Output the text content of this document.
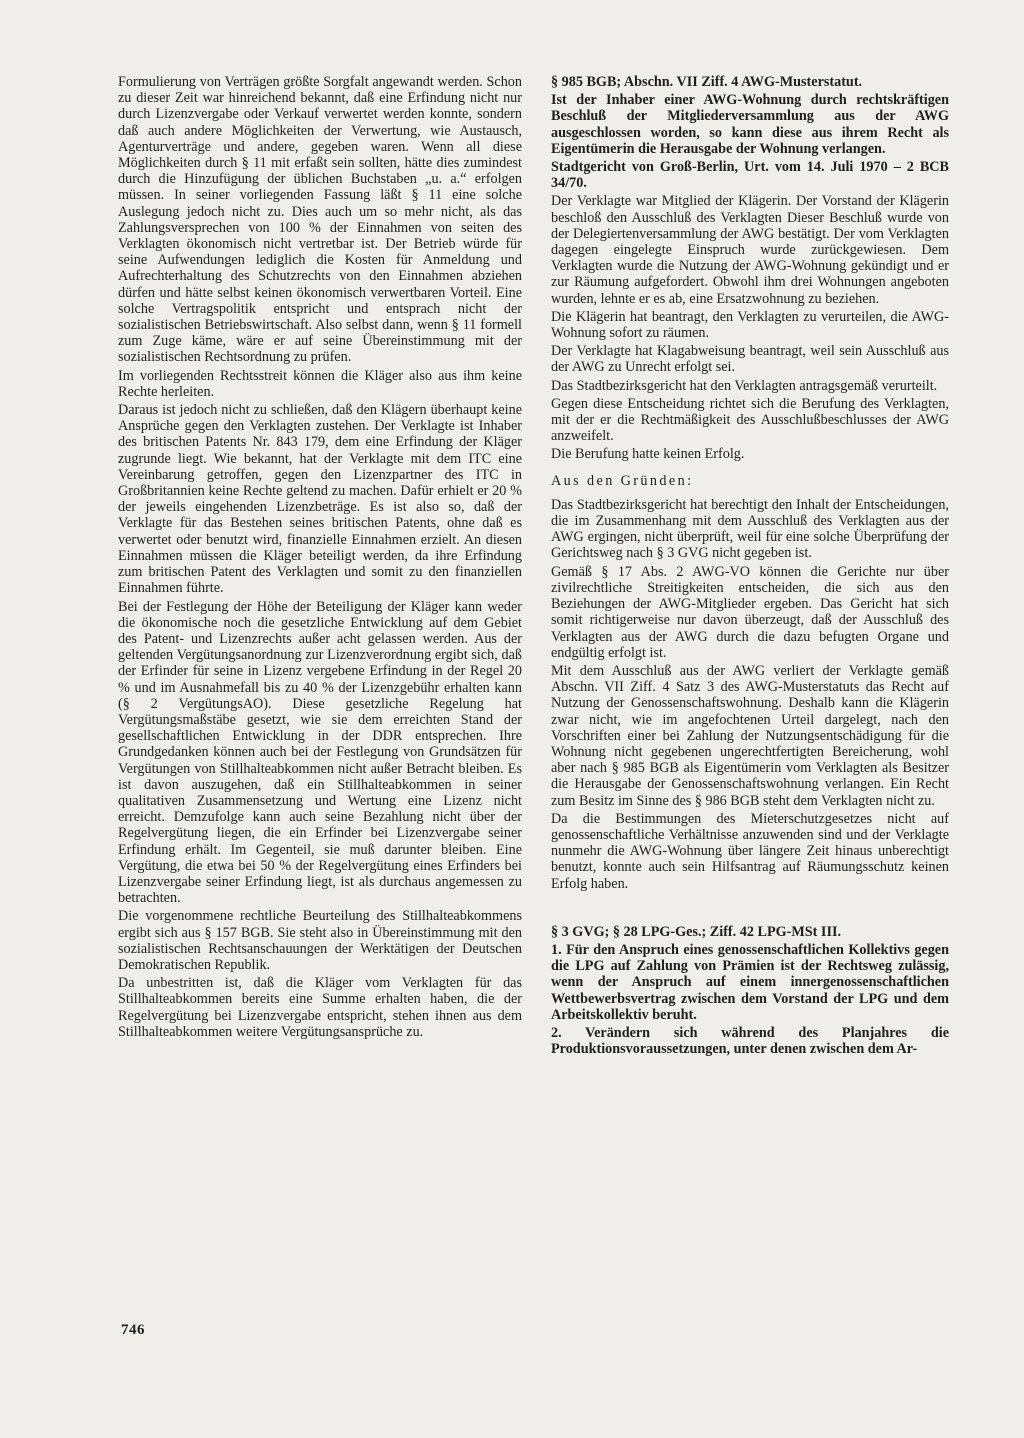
Formulierung von Verträgen größte Sorgfalt angewandt werden. Schon zu dieser Zeit war hinreichend bekannt, daß eine Erfindung nicht nur durch Lizenzvergabe oder Verkauf verwertet werden konnte, sondern daß auch andere Möglichkeiten der Verwertung, wie Austausch, Agenturverträge und andere, gegeben waren. Wenn all diese Möglichkeiten durch § 11 mit erfaßt sein sollten, hätte dies zumindest durch die Hinzufügung der üblichen Buchstaben „u. a.“ erfolgen müssen. In seiner vorliegenden Fassung läßt § 11 eine solche Auslegung jedoch nicht zu. Dies auch um so mehr nicht, als das Zahlungsversprechen von 100 % der Einnahmen von seiten des Verklagten ökonomisch nicht vertretbar ist. Der Betrieb würde für seine Aufwendungen lediglich die Kosten für Anmeldung und Aufrechterhaltung des Schutzrechts von den Einnahmen abziehen dürfen und hätte selbst keinen ökonomisch verwertbaren Vorteil. Eine solche Vertragspolitik entspricht und entsprach nicht der sozialistischen Betriebswirtschaft. Also selbst dann, wenn § 11 formell zum Zuge käme, wäre er auf seine Übereinstimmung mit der sozialistischen Rechtsordnung zu prüfen.

Im vorliegenden Rechtsstreit können die Kläger also aus ihm keine Rechte herleiten.

Daraus ist jedoch nicht zu schließen, daß den Klägern überhaupt keine Ansprüche gegen den Verklagten zustehen. Der Verklagte ist Inhaber des britischen Patents Nr. 843 179, dem eine Erfindung der Kläger zugrunde liegt. Wie bekannt, hat der Verklagte mit dem ITC eine Vereinbarung getroffen, gegen den Lizenzpartner des ITC in Großbritannien keine Rechte geltend zu machen. Dafür erhielt er 20 % der jeweils eingehenden Lizenzbeträge. Es ist also so, daß der Verklagte für das Bestehen seines britischen Patents, ohne daß es verwertet oder benutzt wird, finanzielle Einnahmen erzielt. An diesen Einnahmen müssen die Kläger beteiligt werden, da ihre Erfindung zum britischen Patent des Verklagten und somit zu den finanziellen Einnahmen führte.

Bei der Festlegung der Höhe der Beteiligung der Kläger kann weder die ökonomische noch die gesetzliche Entwicklung auf dem Gebiet des Patent- und Lizenzrechts außer acht gelassen werden. Aus der geltenden Vergütungsanordnung zur Lizenzverordnung ergibt sich, daß der Erfinder für seine in Lizenz vergebene Erfindung in der Regel 20 % und im Ausnahmefall bis zu 40 % der Lizenzgebühr erhalten kann (§ 2 VergütungsAO). Diese gesetzliche Regelung hat Vergütungsmaßstäbe gesetzt, wie sie dem erreichten Stand der gesellschaftlichen Entwicklung in der DDR entsprechen. Ihre Grundgedanken können auch bei der Festlegung von Grundsätzen für Vergütungen von Stillhalteabkommen nicht außer Betracht bleiben. Es ist davon auszugehen, daß ein Stillhalteabkommen in seiner qualitativen Zusammensetzung und Wertung eine Lizenz nicht erreicht. Demzufolge kann auch seine Bezahlung nicht über der Regelvergütung liegen, die ein Erfinder bei Lizenzvergabe seiner Erfindung erhält. Im Gegenteil, sie muß darunter bleiben. Eine Vergütung, die etwa bei 50 % der Regelvergütung eines Erfinders bei Lizenzvergabe seiner Erfindung liegt, ist als durchaus angemessen zu betrachten.

Die vorgenommene rechtliche Beurteilung des Stillhalteabkommens ergibt sich aus § 157 BGB. Sie steht also in Übereinstimmung mit den sozialistischen Rechtsanschauungen der Werktätigen der Deutschen Demokratischen Republik.

Da unbestritten ist, daß die Kläger vom Verklagten für das Stillhalteabkommen bereits eine Summe erhalten haben, die der Regelvergütung bei Lizenzvergabe entspricht, stehen ihnen aus dem Stillhalteabkommen weitere Vergütungsansprüche zu.

§ 985 BGB; Abschn. VII Ziff. 4 AWG-Musterstatut.

Ist der Inhaber einer AWG-Wohnung durch rechtskräftigen Beschluß der Mitgliederversammlung aus der AWG ausgeschlossen worden, so kann diese aus ihrem Recht als Eigentümerin die Herausgabe der Wohnung verlangen.

Stadtgericht von Groß-Berlin, Urt. vom 14. Juli 1970 – 2 BCB 34/70.

Der Verklagte war Mitglied der Klägerin. Der Vorstand der Klägerin beschloß den Ausschluß des Verklagten Dieser Beschluß wurde von der Delegiertenversammlung der AWG bestätigt. Der vom Verklagten dagegen eingelegte Einspruch wurde zurückgewiesen. Dem Verklagten wurde die Nutzung der AWG-Wohnung gekündigt und er zur Räumung aufgefordert. Obwohl ihm drei Wohnungen angeboten wurden, lehnte er es ab, eine Ersatzwohnung zu beziehen.

Die Klägerin hat beantragt, den Verklagten zu verurteilen, die AWG-Wohnung sofort zu räumen.

Der Verklagte hat Klagabweisung beantragt, weil sein Ausschluß aus der AWG zu Unrecht erfolgt sei.

Das Stadtbezirksgericht hat den Verklagten antragsgemäß verurteilt.

Gegen diese Entscheidung richtet sich die Berufung des Verklagten, mit der er die Rechtmäßigkeit des Ausschlußbeschlusses der AWG anzweifelt.

Die Berufung hatte keinen Erfolg.

Aus den Gründen:

Das Stadtbezirksgericht hat berechtigt den Inhalt der Entscheidungen, die im Zusammenhang mit dem Ausschluß des Verklagten aus der AWG ergingen, nicht überprüft, weil für eine solche Überprüfung der Gerichtsweg nach § 3 GVG nicht gegeben ist.

Gemäß § 17 Abs. 2 AWG-VO können die Gerichte nur über zivilrechtliche Streitigkeiten entscheiden, die sich aus den Beziehungen der AWG-Mitglieder ergeben. Das Gericht hat sich somit richtigerweise nur davon überzeugt, daß der Ausschluß des Verklagten aus der AWG durch die dazu befugten Organe und endgültig erfolgt ist.

Mit dem Ausschluß aus der AWG verliert der Verklagte gemäß Abschn. VII Ziff. 4 Satz 3 des AWG-Musterstatuts das Recht auf Nutzung der Genossenschaftswohnung. Deshalb kann die Klägerin zwar nicht, wie im angefochtenen Urteil dargelegt, nach den Vorschriften einer bei Zahlung der Nutzungsentschädigung für die Wohnung nicht gegebenen ungerechtfertigten Bereicherung, wohl aber nach § 985 BGB als Eigentümerin vom Verklagten als Besitzer die Herausgabe der Genossenschaftswohnung verlangen. Ein Recht zum Besitz im Sinne des § 986 BGB steht dem Verklagten nicht zu.

Da die Bestimmungen des Mieterschutzgesetzes nicht auf genossenschaftliche Verhältnisse anzuwenden sind und der Verklagte nunmehr die AWG-Wohnung über längere Zeit hinaus unberechtigt benutzt, konnte auch sein Hilfsantrag auf Räumungsschutz keinen Erfolg haben.

§ 3 GVG; § 28 LPG-Ges.; Ziff. 42 LPG-MSt III.

1. Für den Anspruch eines genossenschaftlichen Kollektivs gegen die LPG auf Zahlung von Prämien ist der Rechtsweg zulässig, wenn der Anspruch auf einem innergenossenschaftlichen Wettbewerbsvertrag zwischen dem Vorstand der LPG und dem Arbeitskollektiv beruht.

2. Verändern sich während des Planjahres die Produktionsvoraussetzungen, unter denen zwischen dem Ar-

746
